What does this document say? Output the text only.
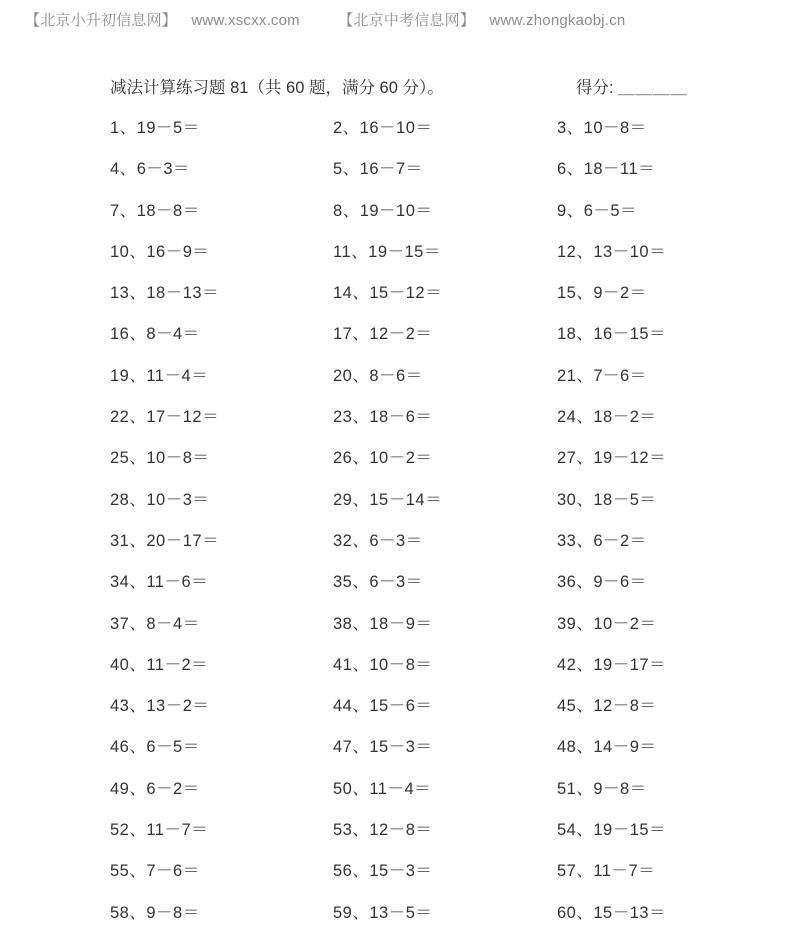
【北京小升初信息网】 www.xscxx.com	【北京中考信息网】 www.zhongkaobj.cn
减法计算练习题 81（共 60 题，满分 60 分）。	得分: ＿＿＿＿
1、19－5＝	2、16－10＝	3、10－8＝
4、6－3＝	5、16－7＝	6、18－11＝
7、18－8＝	8、19－10＝	9、6－5＝
10、16－9＝	11、19－15＝	12、13－10＝
13、18－13＝	14、15－12＝	15、9－2＝
16、8－4＝	17、12－2＝	18、16－15＝
19、11－4＝	20、8－6＝	21、7－6＝
22、17－12＝	23、18－6＝	24、18－2＝
25、10－8＝	26、10－2＝	27、19－12＝
28、10－3＝	29、15－14＝	30、18－5＝
31、20－17＝	32、6－3＝	33、6－2＝
34、11－6＝	35、6－3＝	36、9－6＝
37、8－4＝	38、18－9＝	39、10－2＝
40、11－2＝	41、10－8＝	42、19－17＝
43、13－2＝	44、15－6＝	45、12－8＝
46、6－5＝	47、15－3＝	48、14－9＝
49、6－2＝	50、11－4＝	51、9－8＝
52、11－7＝	53、12－8＝	54、19－15＝
55、7－6＝	56、15－3＝	57、11－7＝
58、9－8＝	59、13－5＝	60、15－13＝
